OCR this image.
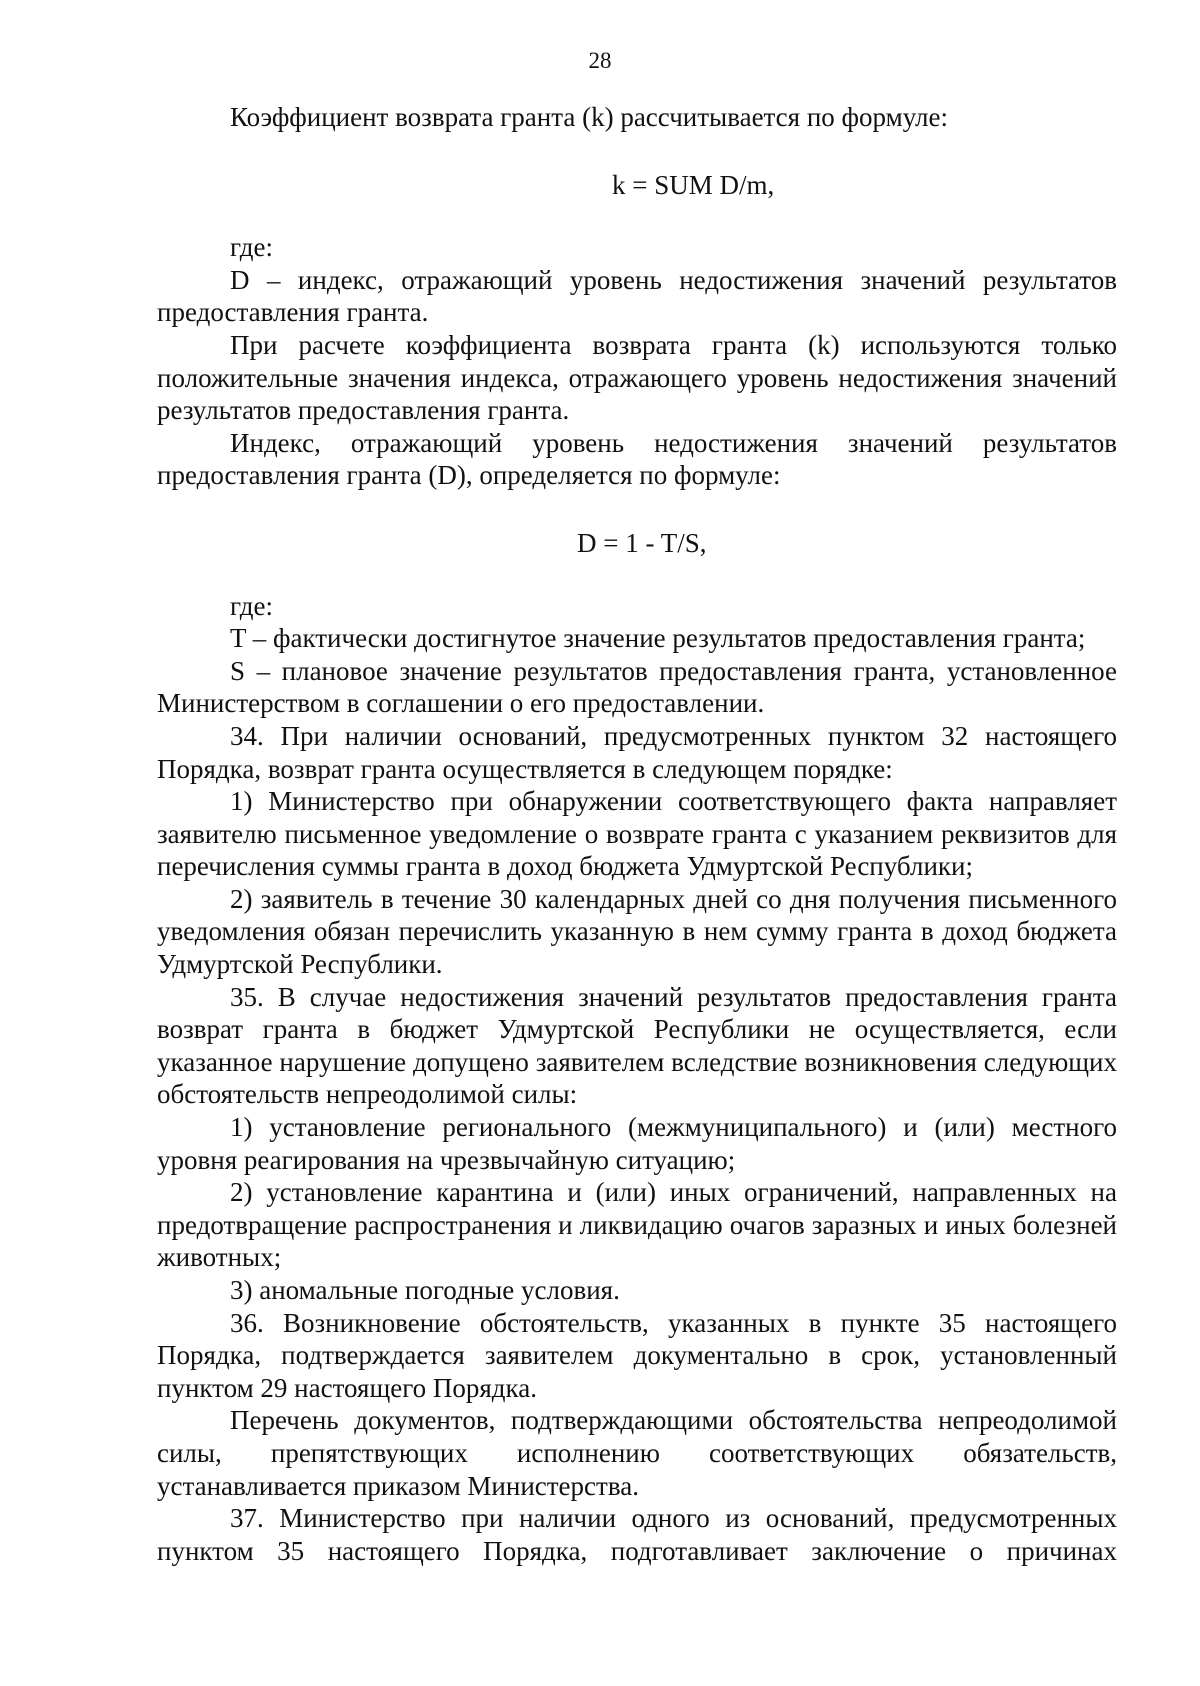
28

Коэффициент возврата гранта (k) рассчитывается по формуле:

k = SUM D/m,

где:

D – индекс, отражающий уровень недостижения значений результатов предоставления гранта.

При расчете коэффициента возврата гранта (k) используются только положительные значения индекса, отражающего уровень недостижения значений результатов предоставления гранта.

Индекс, отражающий уровень недостижения значений результатов предоставления гранта (D), определяется по формуле:

D = 1 - T/S,

где:

T – фактически достигнутое значение результатов предоставления гранта;

S – плановое значение результатов предоставления гранта, установленное Министерством в соглашении о его предоставлении.

34. При наличии оснований, предусмотренных пунктом 32 настоящего Порядка, возврат гранта осуществляется в следующем порядке:

1) Министерство при обнаружении соответствующего факта направляет заявителю письменное уведомление о возврате гранта с указанием реквизитов для перечисления суммы гранта в доход бюджета Удмуртской Республики;

2) заявитель в течение 30 календарных дней со дня получения письменного уведомления обязан перечислить указанную в нем сумму гранта в доход бюджета Удмуртской Республики.

35. В случае недостижения значений результатов предоставления гранта возврат гранта в бюджет Удмуртской Республики не осуществляется, если указанное нарушение допущено заявителем вследствие возникновения следующих обстоятельств непреодолимой силы:

1) установление регионального (межмуниципального) и (или) местного уровня реагирования на чрезвычайную ситуацию;

2) установление карантина и (или) иных ограничений, направленных на предотвращение распространения и ликвидацию очагов заразных и иных болезней животных;

3) аномальные погодные условия.

36. Возникновение обстоятельств, указанных в пункте 35 настоящего Порядка, подтверждается заявителем документально в срок, установленный пунктом 29 настоящего Порядка.

Перечень документов, подтверждающими обстоятельства непреодолимой силы, препятствующих исполнению соответствующих обязательств, устанавливается приказом Министерства.

37. Министерство при наличии одного из оснований, предусмотренных пунктом 35 настоящего Порядка, подготавливает заключение о причинах
